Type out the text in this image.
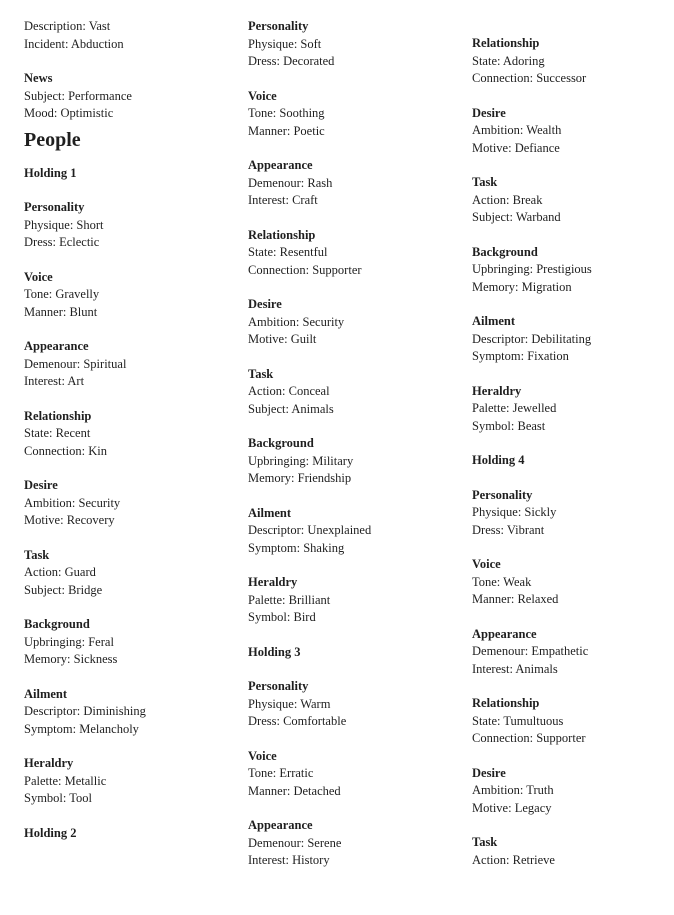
Description: Vast
Incident: Abduction
News
Subject: Performance
Mood: Optimistic
People
Holding 1
Personality
Physique: Short
Dress: Eclectic
Voice
Tone: Gravelly
Manner: Blunt
Appearance
Demenour: Spiritual
Interest: Art
Relationship
State: Recent
Connection: Kin
Desire
Ambition: Security
Motive: Recovery
Task
Action: Guard
Subject: Bridge
Background
Upbringing: Feral
Memory: Sickness
Ailment
Descriptor: Diminishing
Symptom: Melancholy
Heraldry
Palette: Metallic
Symbol: Tool
Holding 2
Personality
Physique: Soft
Dress: Decorated
Voice
Tone: Soothing
Manner: Poetic
Appearance
Demenour: Rash
Interest: Craft
Relationship
State: Resentful
Connection: Supporter
Desire
Ambition: Security
Motive: Guilt
Task
Action: Conceal
Subject: Animals
Background
Upbringing: Military
Memory: Friendship
Ailment
Descriptor: Unexplained
Symptom: Shaking
Heraldry
Palette: Brilliant
Symbol: Bird
Holding 3
Personality
Physique: Warm
Dress: Comfortable
Voice
Tone: Erratic
Manner: Detached
Appearance
Demenour: Serene
Interest: History
Relationship
State: Adoring
Connection: Successor
Desire
Ambition: Wealth
Motive: Defiance
Task
Action: Break
Subject: Warband
Background
Upbringing: Prestigious
Memory: Migration
Ailment
Descriptor: Debilitating
Symptom: Fixation
Heraldry
Palette: Jewelled
Symbol: Beast
Holding 4
Personality
Physique: Sickly
Dress: Vibrant
Voice
Tone: Weak
Manner: Relaxed
Appearance
Demenour: Empathetic
Interest: Animals
Relationship
State: Tumultuous
Connection: Supporter
Desire
Ambition: Truth
Motive: Legacy
Task
Action: Retrieve
